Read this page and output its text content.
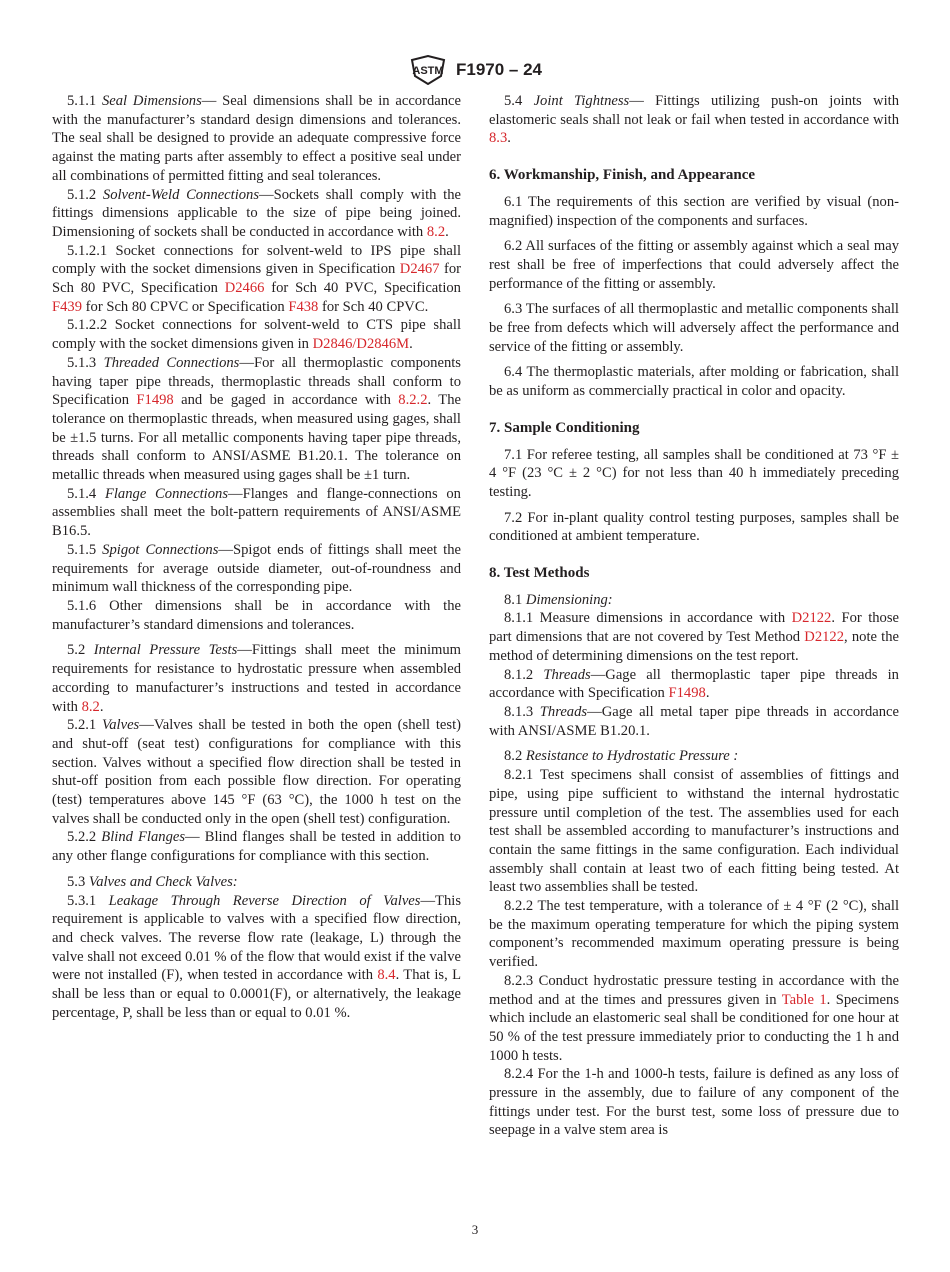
ASTM F1970 – 24

5.1.1 Seal Dimensions— Seal dimensions shall be in accordance with the manufacturer’s standard design dimensions and tolerances. The seal shall be designed to provide an adequate compressive force against the mating parts after assembly to effect a positive seal under all combinations of permitted fitting and seal tolerances.

5.1.2 Solvent-Weld Connections—Sockets shall comply with the fittings dimensions applicable to the size of pipe being joined. Dimensioning of sockets shall be conducted in accordance with 8.2.

5.1.2.1 Socket connections for solvent-weld to IPS pipe shall comply with the socket dimensions given in Specification D2467 for Sch 80 PVC, Specification D2466 for Sch 40 PVC, Specification F439 for Sch 80 CPVC or Specification F438 for Sch 40 CPVC.

5.1.2.2 Socket connections for solvent-weld to CTS pipe shall comply with the socket dimensions given in D2846/D2846M.

5.1.3 Threaded Connections—For all thermoplastic components having taper pipe threads, thermoplastic threads shall conform to Specification F1498 and be gaged in accordance with 8.2.2. The tolerance on thermoplastic threads, when measured using gages, shall be ±1.5 turns. For all metallic components having taper pipe threads, threads shall conform to ANSI/ASME B1.20.1. The tolerance on metallic threads when measured using gages shall be ±1 turn.

5.1.4 Flange Connections—Flanges and flange-connections on assemblies shall meet the bolt-pattern requirements of ANSI/ASME B16.5.

5.1.5 Spigot Connections—Spigot ends of fittings shall meet the requirements for average outside diameter, out-of-roundness and minimum wall thickness of the corresponding pipe.

5.1.6 Other dimensions shall be in accordance with the manufacturer’s standard dimensions and tolerances.

5.2 Internal Pressure Tests—Fittings shall meet the minimum requirements for resistance to hydrostatic pressure when assembled according to manufacturer’s instructions and tested in accordance with 8.2.

5.2.1 Valves—Valves shall be tested in both the open (shell test) and shut-off (seat test) configurations for compliance with this section. Valves without a specified flow direction shall be tested in shut-off position from each possible flow direction. For operating (test) temperatures above 145 °F (63 °C), the 1000 h test on the valves shall be conducted only in the open (shell test) configuration.

5.2.2 Blind Flanges— Blind flanges shall be tested in addition to any other flange configurations for compliance with this section.

5.3 Valves and Check Valves:

5.3.1 Leakage Through Reverse Direction of Valves—This requirement is applicable to valves with a specified flow direction, and check valves. The reverse flow rate (leakage, L) through the valve shall not exceed 0.01 % of the flow that would exist if the valve were not installed (F), when tested in accordance with 8.4. That is, L shall be less than or equal to 0.0001(F), or alternatively, the leakage percentage, P, shall be less than or equal to 0.01 %.

5.4 Joint Tightness— Fittings utilizing push-on joints with elastomeric seals shall not leak or fail when tested in accordance with 8.3.

6. Workmanship, Finish, and Appearance

6.1 The requirements of this section are verified by visual (non-magnified) inspection of the components and surfaces.

6.2 All surfaces of the fitting or assembly against which a seal may rest shall be free of imperfections that could adversely affect the performance of the fitting or assembly.

6.3 The surfaces of all thermoplastic and metallic components shall be free from defects which will adversely affect the performance and service of the fitting or assembly.

6.4 The thermoplastic materials, after molding or fabrication, shall be as uniform as commercially practical in color and opacity.

7. Sample Conditioning

7.1 For referee testing, all samples shall be conditioned at 73 °F ± 4 °F (23 °C ± 2 °C) for not less than 40 h immediately preceding testing.

7.2 For in-plant quality control testing purposes, samples shall be conditioned at ambient temperature.

8. Test Methods

8.1 Dimensioning:

8.1.1 Measure dimensions in accordance with D2122. For those part dimensions that are not covered by Test Method D2122, note the method of determining dimensions on the test report.

8.1.2 Threads—Gage all thermoplastic taper pipe threads in accordance with Specification F1498.

8.1.3 Threads—Gage all metal taper pipe threads in accordance with ANSI/ASME B1.20.1.

8.2 Resistance to Hydrostatic Pressure :

8.2.1 Test specimens shall consist of assemblies of fittings and pipe, using pipe sufficient to withstand the internal hydrostatic pressure until completion of the test. The assemblies used for each test shall be assembled according to manufacturer’s instructions and contain the same fittings in the same configuration. Each individual assembly shall contain at least two of each fitting being tested. At least two assemblies shall be tested.

8.2.2 The test temperature, with a tolerance of ± 4 °F (2 °C), shall be the maximum operating temperature for which the piping system component’s recommended maximum operating pressure is being verified.

8.2.3 Conduct hydrostatic pressure testing in accordance with the method and at the times and pressures given in Table 1. Specimens which include an elastomeric seal shall be conditioned for one hour at 50 % of the test pressure immediately prior to conducting the 1 h and 1000 h tests.

8.2.4 For the 1-h and 1000-h tests, failure is defined as any loss of pressure in the assembly, due to failure of any component of the fittings under test. For the burst test, some loss of pressure due to seepage in a valve stem area is

3
